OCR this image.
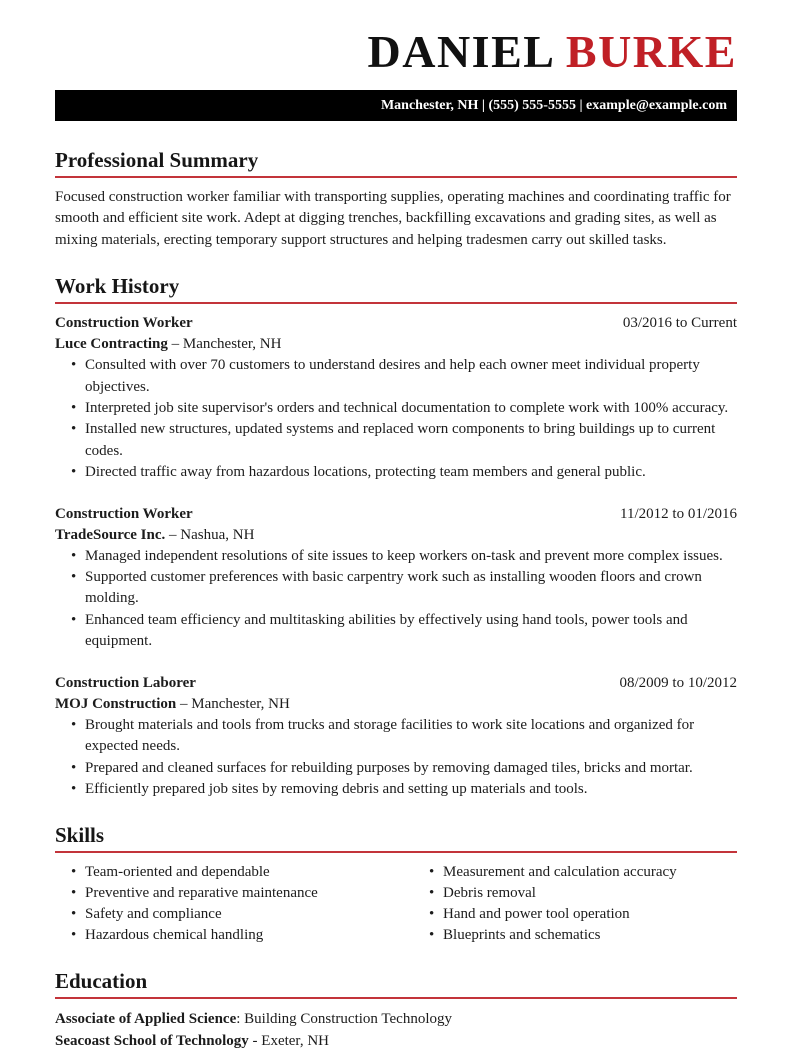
DANIEL BURKE
Manchester, NH | (555) 555-5555 | example@example.com
Professional Summary

Focused construction worker familiar with transporting supplies, operating machines and coordinating traffic for smooth and efficient site work. Adept at digging trenches, backfilling excavations and grading sites, as well as mixing materials, erecting temporary support structures and helping tradesmen carry out skilled tasks.

Work History
Construction Worker	03/2016 to Current
Luce Contracting – Manchester, NH
• Consulted with over 70 customers to understand desires and help each owner meet individual property objectives.
• Interpreted job site supervisor's orders and technical documentation to complete work with 100% accuracy.
• Installed new structures, updated systems and replaced worn components to bring buildings up to current codes.
• Directed traffic away from hazardous locations, protecting team members and general public.
Construction Worker	11/2012 to 01/2016
TradeSource Inc. – Nashua, NH
• Managed independent resolutions of site issues to keep workers on-task and prevent more complex issues.
• Supported customer preferences with basic carpentry work such as installing wooden floors and crown molding.
• Enhanced team efficiency and multitasking abilities by effectively using hand tools, power tools and equipment.
Construction Laborer	08/2009 to 10/2012
MOJ Construction – Manchester, NH
• Brought materials and tools from trucks and storage facilities to work site locations and organized for expected needs.
• Prepared and cleaned surfaces for rebuilding purposes by removing damaged tiles, bricks and mortar.
• Efficiently prepared job sites by removing debris and setting up materials and tools.
Skills
• Team-oriented and dependable
• Preventive and reparative maintenance
• Safety and compliance
• Hazardous chemical handling
• Measurement and calculation accuracy
• Debris removal
• Hand and power tool operation
• Blueprints and schematics
Education
Associate of Applied Science: Building Construction Technology
Seacoast School of Technology - Exeter, NH
